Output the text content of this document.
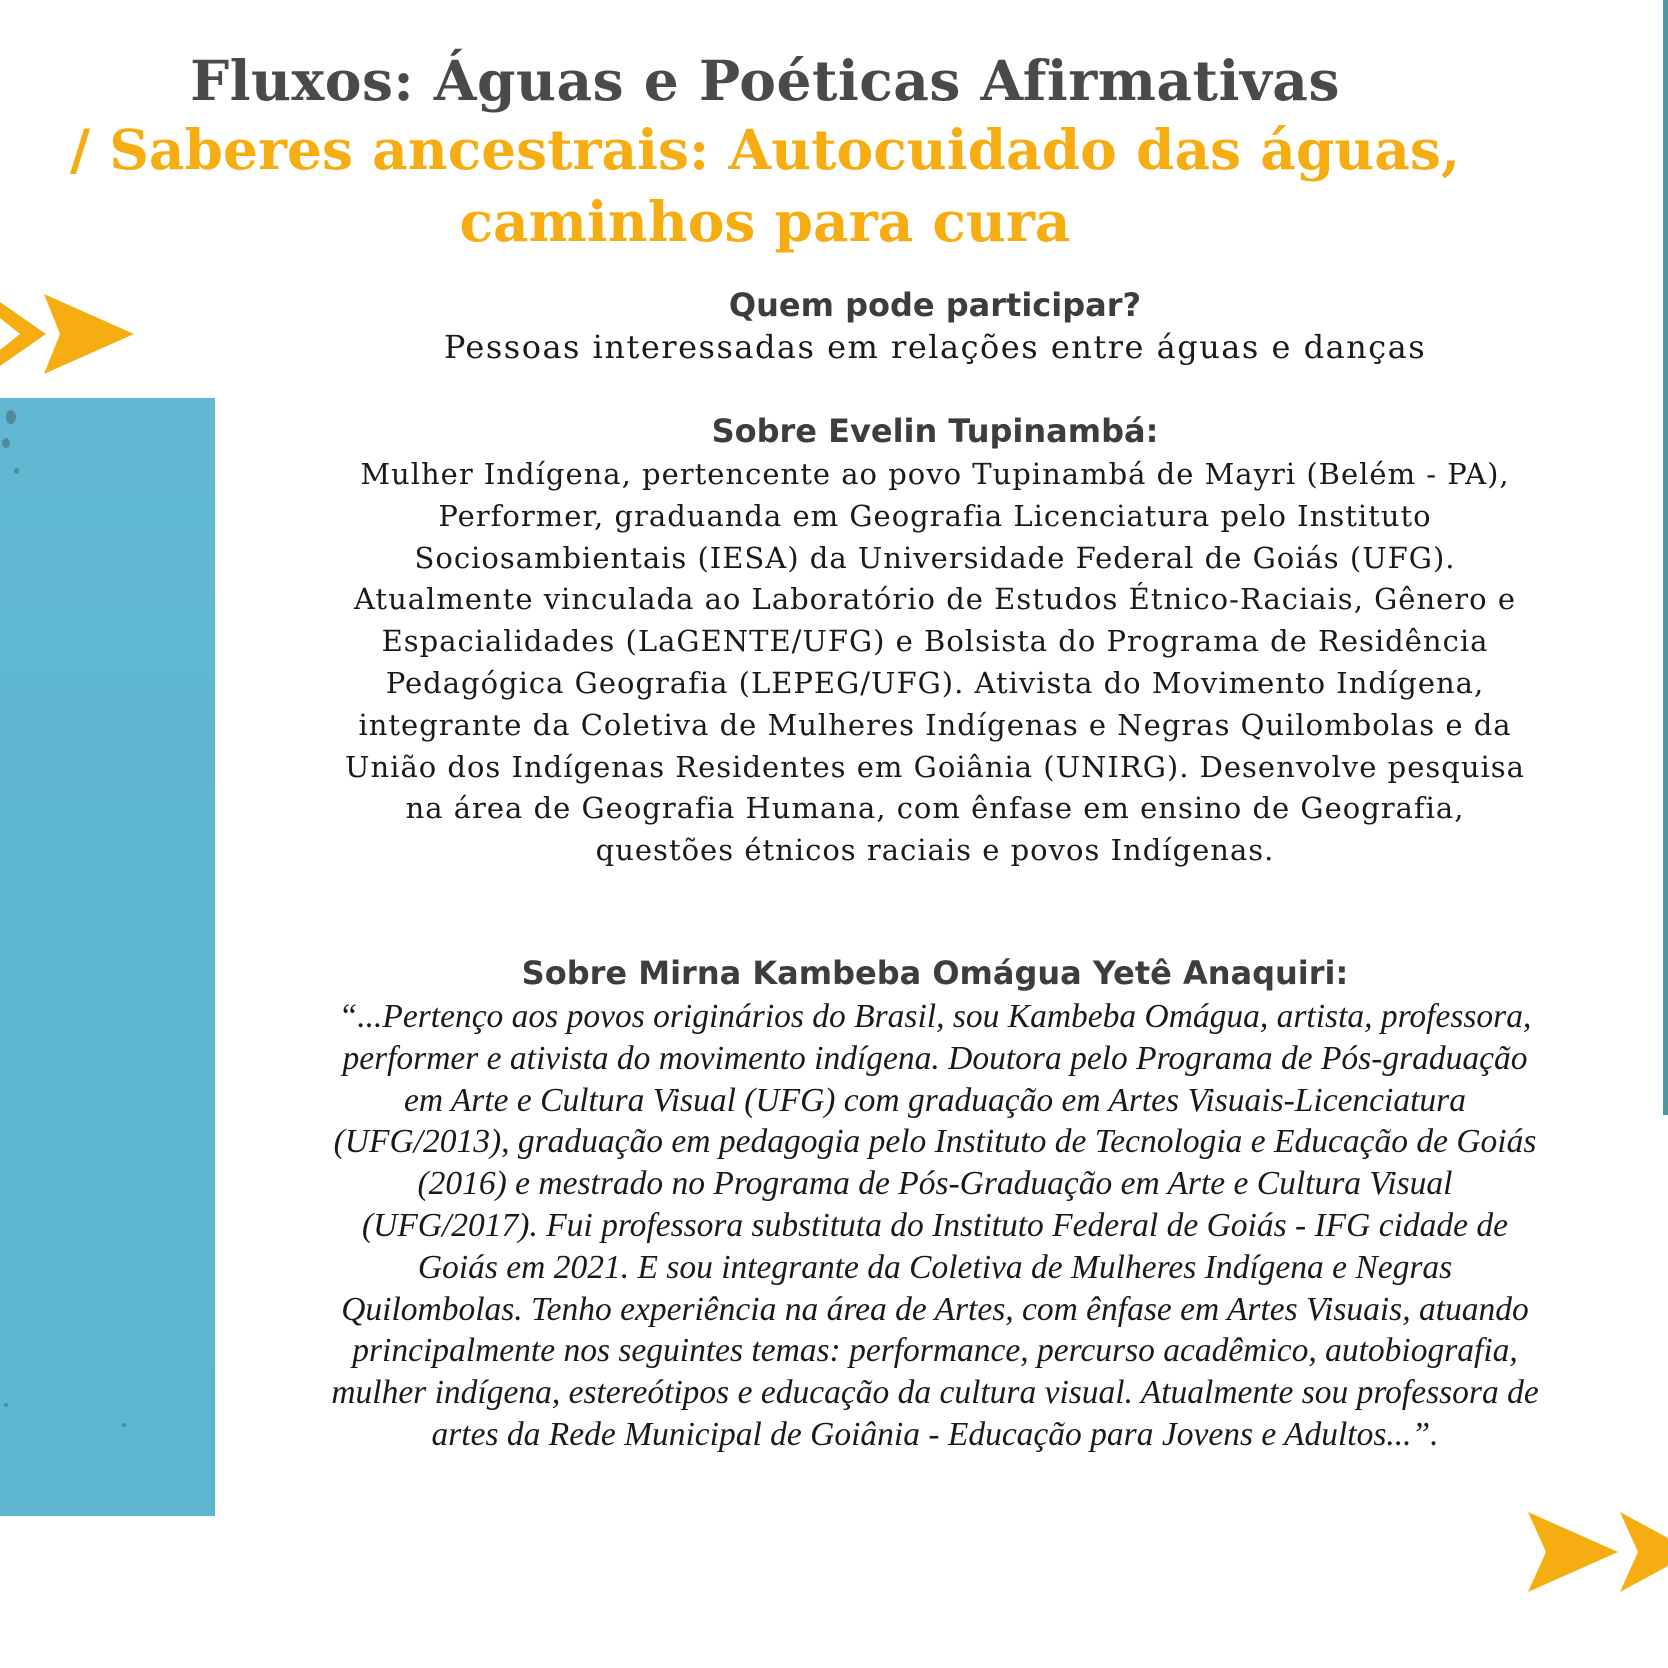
Fluxos: Águas e Poéticas Afirmativas
/ Saberes ancestrais: Autocuidado das águas,
caminhos para cura
Quem pode participar?
Pessoas interessadas em relações entre águas e danças
Sobre Evelin Tupinambá:
Mulher Indígena, pertencente ao povo Tupinambá de Mayri (Belém - PA),
Performer, graduanda em Geografia Licenciatura pelo Instituto
Sociosambientais (IESA) da Universidade Federal de Goiás (UFG).
Atualmente vinculada ao Laboratório de Estudos Étnico-Raciais, Gênero e
Espacialidades (LaGENTE/UFG) e Bolsista do Programa de Residência
Pedagógica Geografia (LEPEG/UFG). Ativista do Movimento Indígena,
integrante da Coletiva de Mulheres Indígenas e Negras Quilombolas e da
União dos Indígenas Residentes em Goiânia (UNIRG). Desenvolve pesquisa
na área de Geografia Humana, com ênfase em ensino de Geografia,
questões étnicos raciais e povos Indígenas.
Sobre Mirna Kambeba Omágua Yetê Anaquiri:
“...Pertenço aos povos originários do Brasil, sou Kambeba Omágua, artista, professora,
performer e ativista do movimento indígena. Doutora pelo Programa de Pós-graduação
em Arte e Cultura Visual (UFG) com graduação em Artes Visuais-Licenciatura
(UFG/2013), graduação em pedagogia pelo Instituto de Tecnologia e Educação de Goiás
(2016) e mestrado no Programa de Pós-Graduação em Arte e Cultura Visual
(UFG/2017). Fui professora substituta do Instituto Federal de Goiás - IFG cidade de
Goiás em 2021. E sou integrante da Coletiva de Mulheres Indígena e Negras
Quilombolas. Tenho experiência na área de Artes, com ênfase em Artes Visuais, atuando
principalmente nos seguintes temas: performance, percurso acadêmico, autobiografia,
mulher indígena, estereótipos e educação da cultura visual. Atualmente sou professora de
artes da Rede Municipal de Goiânia - Educação para Jovens e Adultos...”.
